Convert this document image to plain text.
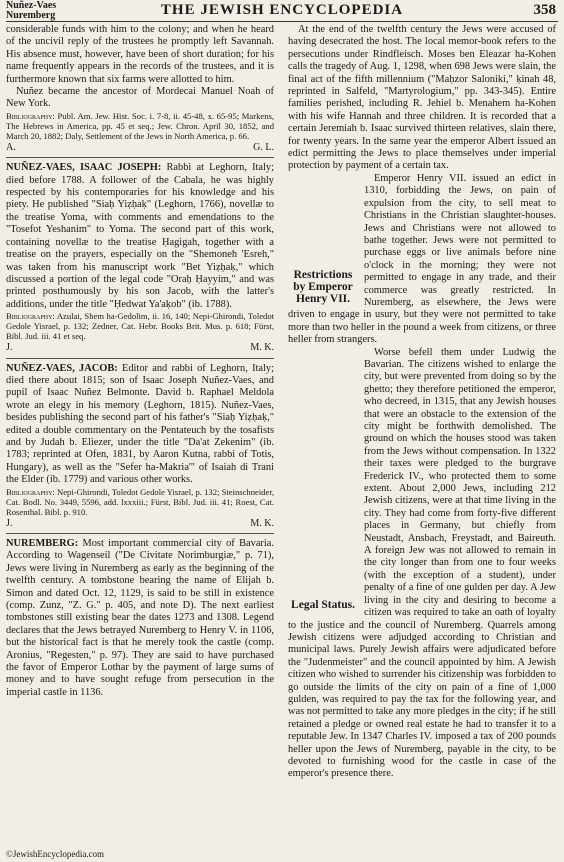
Nuñez-Vaes
Nuremberg	THE JEWISH ENCYCLOPEDIA	358

considerable funds with him to the colony; and when he heard of the uncivil reply of the trustees he promptly left Savannah. His absence must, however, have been of short duration; for his name frequently appears in the records of the trustees, and it is furthermore known that six farms were allotted to him.

Nuñez became the ancestor of Mordecai Manuel Noah of New York.

Bibliography: Publ. Am. Jew. Hist. Soc. i. 7-8, ii. 45-48, x. 65-95; Markens, The Hebrews in America, pp. 45 et seq.; Jew. Chron. April 30, 1852, and March 20, 1882; Daly, Settlement of the Jews in North America, p. 66.

A.	G. L.

NUÑEZ-VAES, ISAAC JOSEPH: Rabbi at Leghorn, Italy; died before 1788. A follower of the Cabala, he was highly respected by his contemporaries for his knowledge and his piety. He published "Siaḥ Yiẓḥaḳ" (Leghorn, 1766), novellæ to the treatise Yoma, with comments and emendations to the "Tosefot Yeshanim" to Yoma. The second part of this work, containing novellæ to the treatise Ḥagigah, together with a treatise on the prayers, especially on the "Shemoneh 'Esreh," was taken from his manuscript work "Bet Yiẓḥaḳ," which discussed a portion of the legal code "Oraḥ Ḥayyim," and was printed posthumously by his son Jacob, with the latter's additions, under the title "Ḥedwat Ya'aḳob" (ib. 1788).

Bibliography: Azulai, Shem ha-Gedolim, ii. 16, 140; Nepi-Ghirondi, Toledot Gedole Yisrael, p. 132; Zedner, Cat. Hebr. Books Brit. Mus. p. 618; Fürst, Bibl. Jud. iii. 41 et seq.

J.	M. K.

NUÑEZ-VAES, JACOB: Editor and rabbi of Leghorn, Italy; died there about 1815; son of Isaac Joseph Nuñez-Vaes, and pupil of Isaac Nuñez Belmonte. David b. Raphael Meldola wrote an elegy in his memory (Leghorn, 1815). Nuñez-Vaes, besides publishing the second part of his father's "Siaḥ Yiẓḥaḳ," edited a double commentary on the Pentateuch by the tosafists and by Judah b. Eliezer, under the title "Da'at Zekenim" (ib. 1783; reprinted at Ofen, 1831, by Aaron Kutna, rabbi of Totis, Hungary), as well as the "Sefer ha-Makria'" of Isaiah di Trani the Elder (ib. 1779) and various other works.

Bibliography: Nepi-Ghirondi, Toledot Gedole Yisrael, p. 132; Steinschneider, Cat. Bodl. No. 3449, 5596, add. lxxxiii.; Fürst, Bibl. Jud. iii. 41; Roest, Cat. Rosenthal. Bibl. p. 910.

J.	M. K.

NUREMBERG: Most important commercial city of Bavaria. According to Wagenseil ("De Civitate Norimburgiæ," p. 71), Jews were living in Nuremberg as early as the beginning of the twelfth century. A tombstone bearing the name of Elijah b. Simon and dated Oct. 12, 1129, is said to be still in existence (comp. Zunz, "Z. G." p. 405, and note D). The next earliest tombstones still existing bear the dates 1273 and 1308. Legend declares that the Jews betrayed Nuremberg to Henry V. in 1106, but the historical fact is that he merely took the castle (comp. Aronius, "Regesten," p. 97). They are said to have purchased the favor of Emperor Lothar by the payment of large sums of money and to have sought refuge from persecution in the imperial castle in 1136.

At the end of the twelfth century the Jews were accused of having desecrated the host. The local memor-book refers to the persecutions under Rindfleisch. Moses ben Eleazar ha-Kohen calls the tragedy of Aug. 1, 1298, when 698 Jews were slain, the final act of the fifth millennium ("Maḥzor Saloniki," ḳinah 48, reprinted in Salfeld, "Martyrologium," pp. 343-345). Entire families perished, including R. Jehiel b. Menahem ha-Kohen with his wife Hannah and three children. It is recorded that a certain Jeremiah b. Isaac survived thirteen relatives, slain there, for twenty years. In the same year the emperor Albert issued an edict permitting the Jews to place themselves under imperial protection by payment of a certain tax.

Restrictions by Emperor Henry VII.

Emperor Henry VII. issued an edict in 1310, forbidding the Jews, on pain of expulsion from the city, to sell meat to Christians in the Christian slaughter-houses. Jews and Christians were not allowed to bathe together. Jews were not permitted to purchase eggs or live animals before nine o'clock in the morning; they were not permitted to engage in any trade, and their commerce was greatly restricted. In Nuremberg, as elsewhere, the Jews were driven to engage in usury, but they were not permitted to take more than two heller in the pound a week from citizens, or three heller from strangers.

Legal Status.

Worse befell them under Ludwig the Bavarian. The citizens wished to enlarge the city, but were prevented from doing so by the ghetto; they therefore petitioned the emperor, who decreed, in 1315, that any Jewish houses that were an obstacle to the extension of the city might be forthwith demolished. The ground on which the houses stood was taken from the Jews without compensation. In 1322 their taxes were pledged to the burgrave Frederick IV., who protected them to some extent. About 2,000 Jews, including 212 Jewish citizens, were at that time living in the city. They had come from forty-five different places in Germany, but chiefly from Neustadt, Ansbach, Freystadt, and Baireuth. A foreign Jew was not allowed to remain in the city longer than from one to four weeks (with the exception of a student), under penalty of a fine of one gulden per day. A Jew living in the city and desiring to become a citizen was required to take an oath of loyalty to the justice and the council of Nuremberg. Quarrels among Jewish citizens were adjudged according to Christian and municipal laws. Purely Jewish affairs were adjudicated before the "Judenmeister" and the council appointed by him. A Jewish citizen who wished to surrender his citizenship was forbidden to go outside the limits of the city on pain of a fine of 1,000 gulden, was required to pay the tax for the following year, and was not permitted to take any more pledges in the city; if he still retained a pledge or owned real estate he had to transfer it to a reputable Jew. In 1347 Charles IV. imposed a tax of 200 pounds heller upon the Jews of Nuremberg, payable in the city, to be devoted to furnishing wood for the castle in case of the emperor's presence there.

©JewishEncyclopedia.com
